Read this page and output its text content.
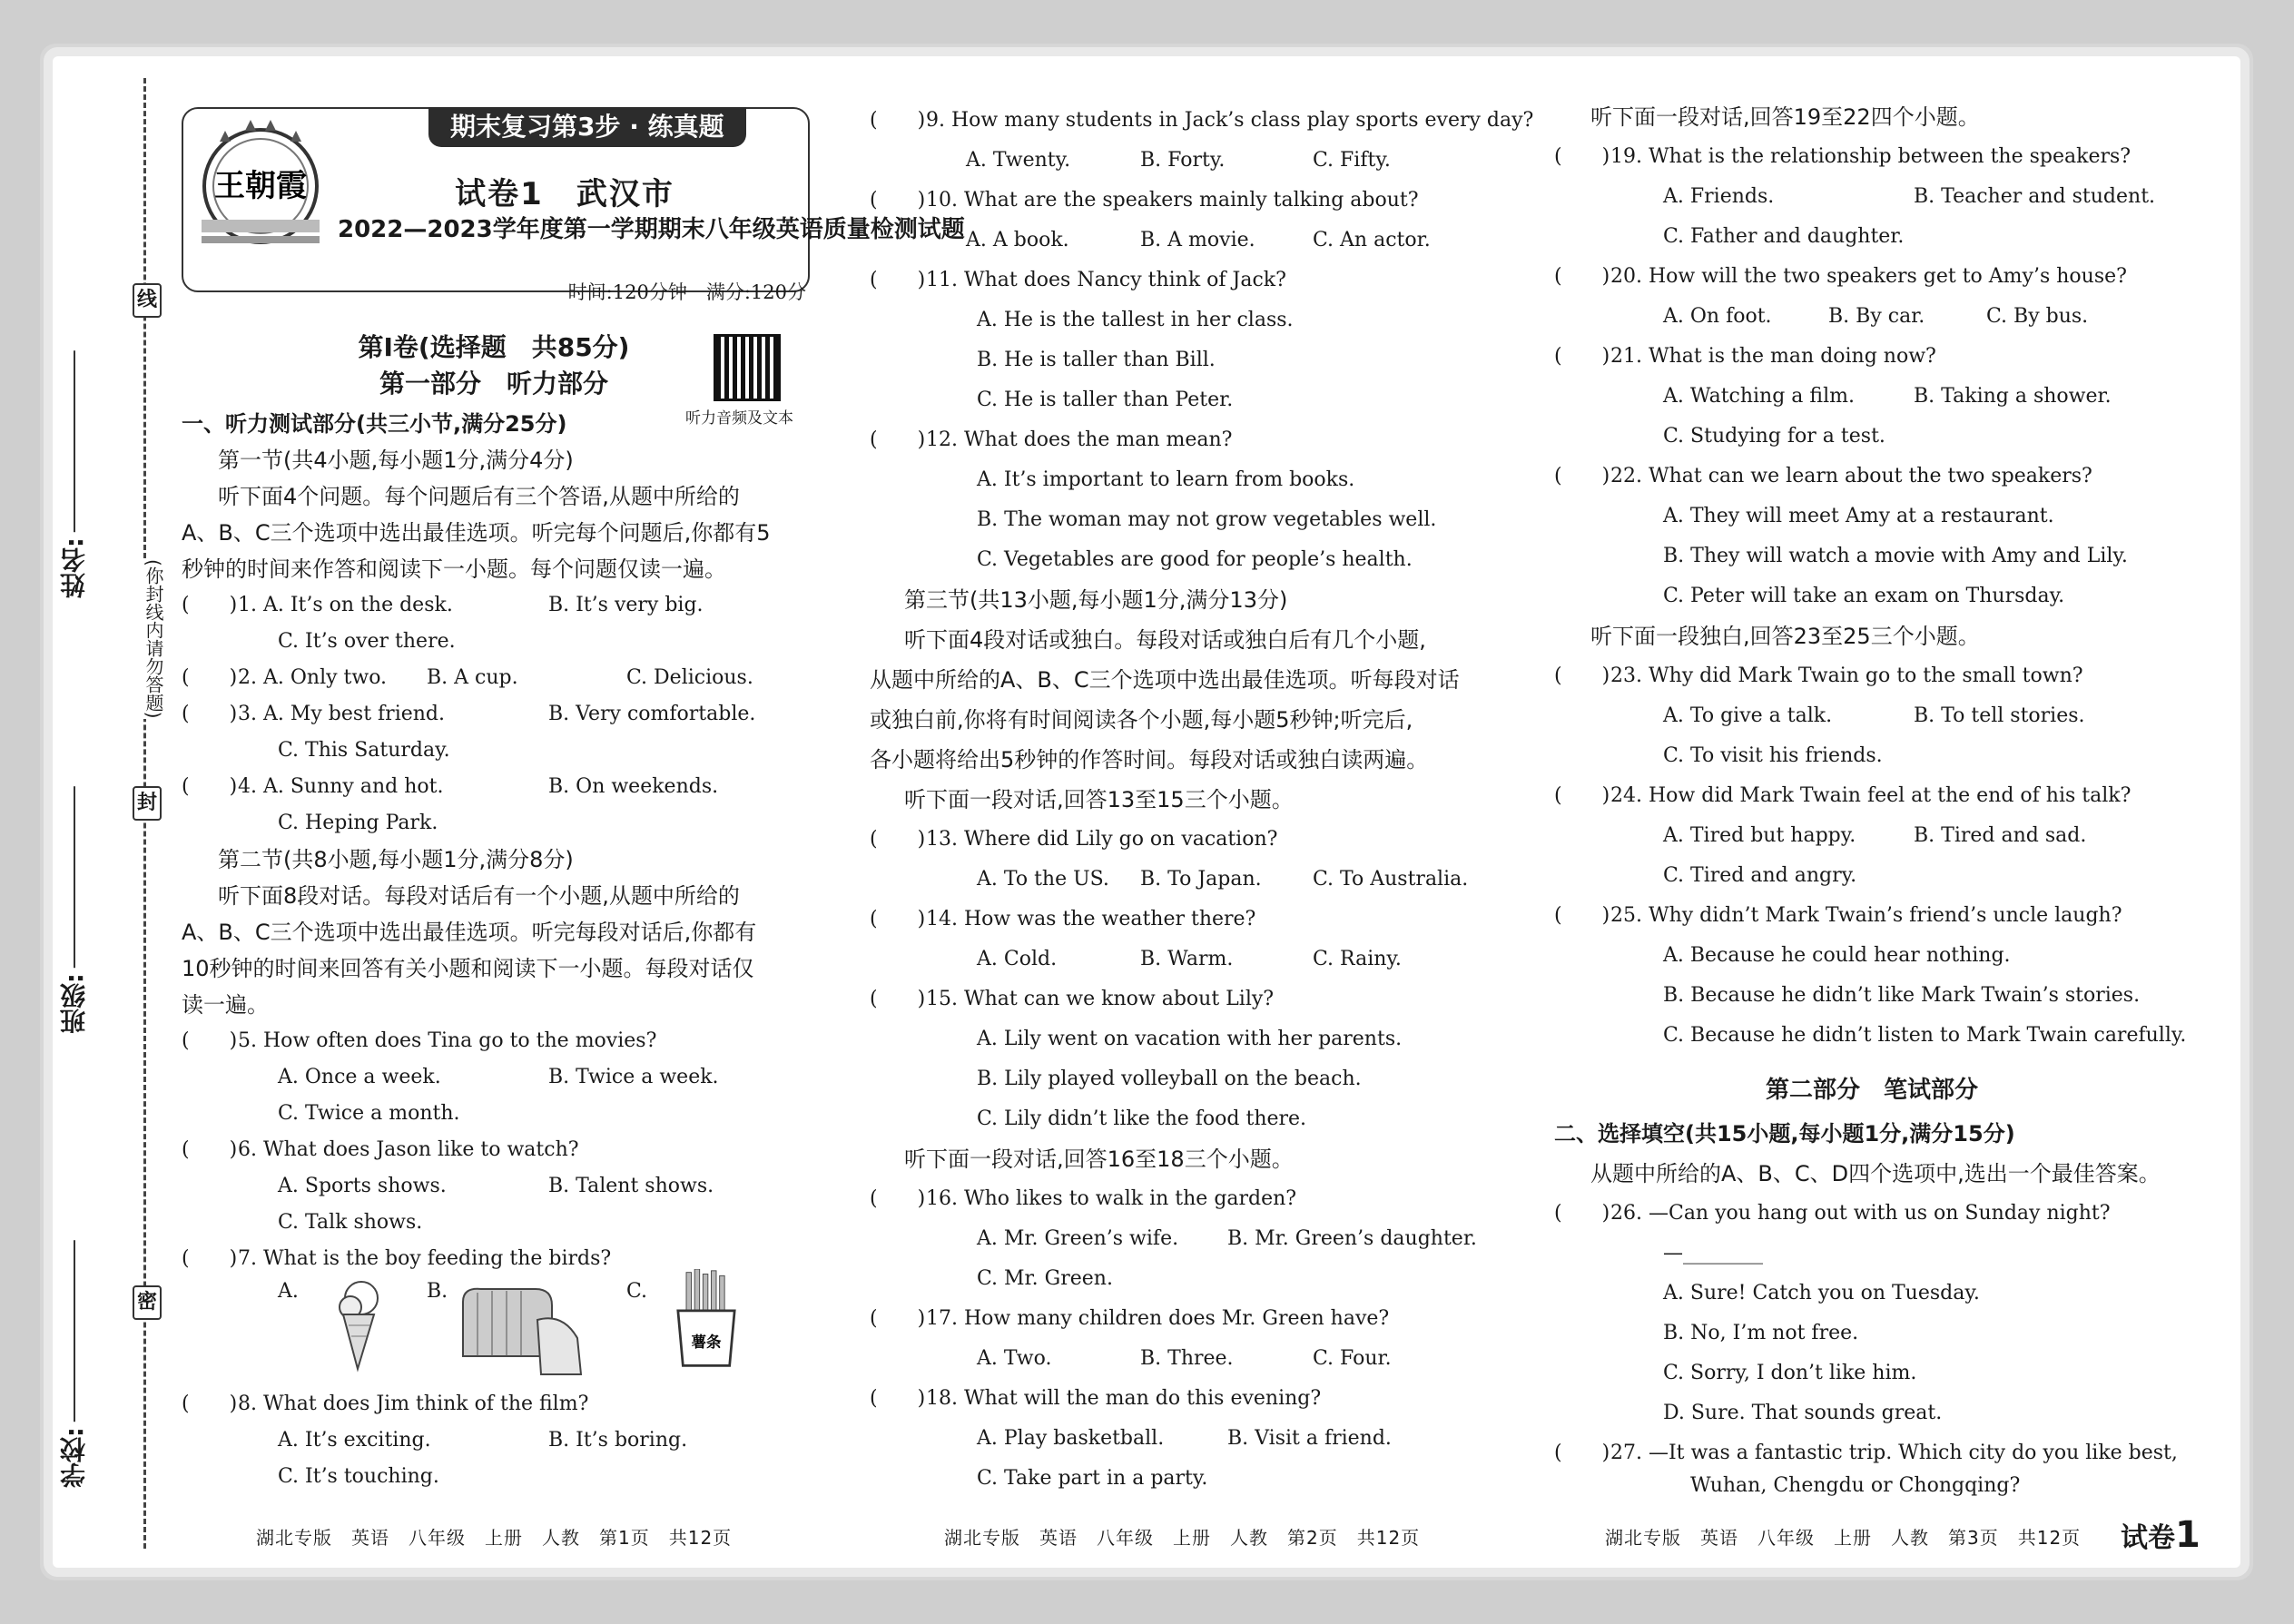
线
(你封线内请勿答题)
封
密
姓名:
班级:
学校:
期末复习第3步 · 练真题
王朝霞	试卷1　武汉市
2022—2023学年度第一学期期末八年级英语质量检测试题
时间:120分钟　满分:120分
第Ⅰ卷(选择题　共85分)
第一部分　听力部分
听力音频及文本
一、听力测试部分(共三小节,满分25分)
第一节(共4小题,每小题1分,满分4分)
听下面4个问题。每个问题后有三个答语,从题中所给的
A、B、C三个选项中选出最佳选项。听完每个问题后,你都有5
秒钟的时间来作答和阅读下一小题。每个问题仅读一遍。
(　　)1. A. It’s on the desk.	B. It’s very big.
C. It’s over there.
(　　)2. A. Only two. B. A cup.	C. Delicious.
(　　)3. A. My best friend.	B. Very comfortable.
C. This Saturday.
(　　)4. A. Sunny and hot.	B. On weekends.
C. Heping Park.
第二节(共8小题,每小题1分,满分8分)
听下面8段对话。每段对话后有一个小题,从题中所给的
A、B、C三个选项中选出最佳选项。听完每段对话后,你都有
10秒钟的时间来回答有关小题和阅读下一小题。每段对话仅
读一遍。
(　　)5. How often does Tina go to the movies?
A. Once a week.	B. Twice a week.
C. Twice a month.
(　　)6. What does Jason like to watch?
A. Sports shows.	B. Talent shows.
C. Talk shows.
(　　)7. What is the boy feeding the birds?
A.	B.	C.
薯条
(　　)8. What does Jim think of the film?
A. It’s exciting.	B. It’s boring.
C. It’s touching.
湖北专版　英语　八年级　上册　人教　第1页　共12页
(　　)9. How many students in Jack’s class play sports every day?
A. Twenty.	B. Forty.	C. Fifty.
(　　)10. What are the speakers mainly talking about?
A. A book.	B. A movie.	C. An actor.
(　　)11. What does Nancy think of Jack?
A. He is the tallest in her class.
B. He is taller than Bill.
C. He is taller than Peter.
(　　)12. What does the man mean?
A. It’s important to learn from books.
B. The woman may not grow vegetables well.
C. Vegetables are good for people’s health.
第三节(共13小题,每小题1分,满分13分)
听下面4段对话或独白。每段对话或独白后有几个小题,
从题中所给的A、B、C三个选项中选出最佳选项。听每段对话
或独白前,你将有时间阅读各个小题,每小题5秒钟;听完后,
各小题将给出5秒钟的作答时间。每段对话或独白读两遍。
听下面一段对话,回答13至15三个小题。
(　　)13. Where did Lily go on vacation?
A. To the US. B. To Japan.	C. To Australia.
(　　)14. How was the weather there?
A. Cold.	B. Warm.	C. Rainy.
(　　)15. What can we know about Lily?
A. Lily went on vacation with her parents.
B. Lily played volleyball on the beach.
C. Lily didn’t like the food there.
听下面一段对话,回答16至18三个小题。
(　　)16. Who likes to walk in the garden?
A. Mr. Green’s wife. B. Mr. Green’s daughter.
C. Mr. Green.
(　　)17. How many children does Mr. Green have?
A. Two.	B. Three.	C. Four.
(　　)18. What will the man do this evening?
A. Play basketball.	B. Visit a friend.
C. Take part in a party.
湖北专版　英语　八年级　上册　人教　第2页　共12页
听下面一段对话,回答19至22四个小题。
(　　)19. What is the relationship between the speakers?
A. Friends.	B. Teacher and student.
C. Father and daughter.
(　　)20. How will the two speakers get to Amy’s house?
A. On foot.	B. By car.	C. By bus.
(　　)21. What is the man doing now?
A. Watching a film.	B. Taking a shower.
C. Studying for a test.
(　　)22. What can we learn about the two speakers?
A. They will meet Amy at a restaurant.
B. They will watch a movie with Amy and Lily.
C. Peter will take an exam on Thursday.
听下面一段独白,回答23至25三个小题。
(　　)23. Why did Mark Twain go to the small town?
A. To give a talk.	B. To tell stories.
C. To visit his friends.
(　　)24. How did Mark Twain feel at the end of his talk?
A. Tired but happy.	B. Tired and sad.
C. Tired and angry.
(　　)25. Why didn’t Mark Twain’s friend’s uncle laugh?
A. Because he could hear nothing.
B. Because he didn’t like Mark Twain’s stories.
C. Because he didn’t listen to Mark Twain carefully.
第二部分　笔试部分
二、选择填空(共15小题,每小题1分,满分15分)
从题中所给的A、B、C、D四个选项中,选出一个最佳答案。
(　　)26. —Can you hang out with us on Sunday night?
—________
A. Sure! Catch you on Tuesday.
B. No, I’m not free.
C. Sorry, I don’t like him.
D. Sure. That sounds great.
(　　)27. —It was a fantastic trip. Which city do you like best,
Wuhan, Chengdu or Chongqing?
湖北专版　英语　八年级　上册　人教　第3页　共12页 试卷1
